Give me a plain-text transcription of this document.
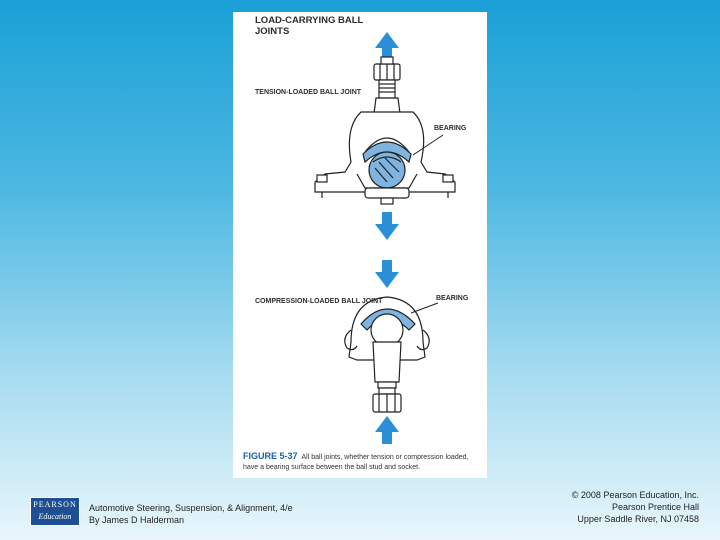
LOAD-CARRYING BALL JOINTS
TENSION-LOADED BALL JOINT
BEARING
COMPRESSION-LOADED BALL JOINT	BEARING
FIGURE 5-37 All ball joints, whether tension or compression loaded, have a bearing surface between the ball stud and socket.
PEARSON
Education
Automotive Steering, Suspension, & Alignment, 4/e
By James D Halderman
© 2008 Pearson Education, Inc.
Pearson Prentice Hall
Upper Saddle River, NJ 07458
